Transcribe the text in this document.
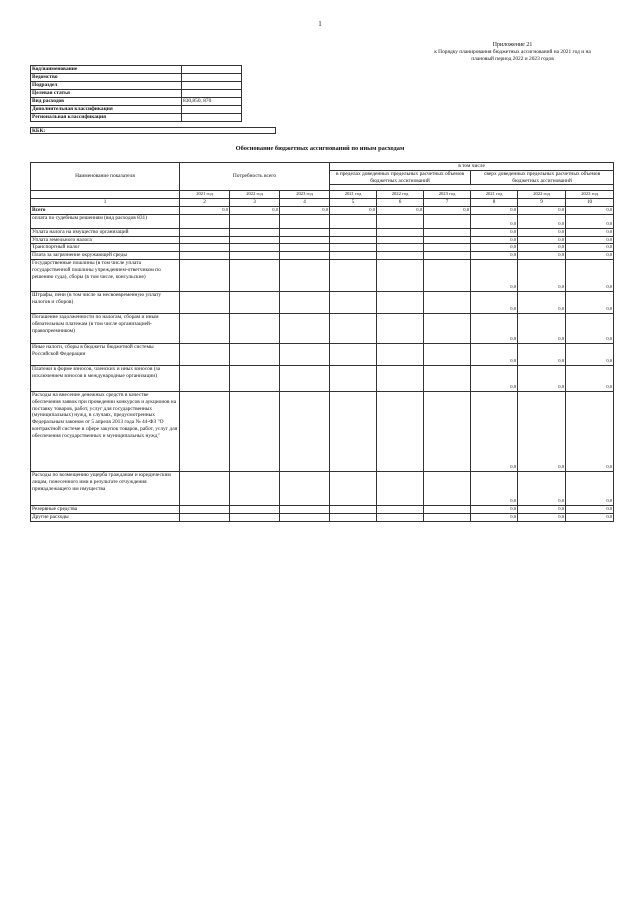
1
Приложение 21
к Порядку планирования бюджетных ассигнований на 2021 год и на
плановый период 2022 и 2023 годов
Код/наименование	
Ведомство	
Подраздел	
Целевая статья	
Вид расходов	830,850, 870
Дополнительная классификация	
Региональная классификация	
КБК:
Обоснование бюджетных ассигнований по иным расходам
Наименование показателя	Потребность всего			в том числе					
				в пределах доведенных предельных расчетных объемов бюджетных ассигнований			сверх доведенных предельных расчетных объемов бюджетных ассигнований		

	2021 год	2022 год	2023 год	2021 год	2022 год	2023 год	2021 год	2022 год	2023 год
1	2	3	4	5	6	7	8	9	10
Всего	0,0	0,0	0,0	0,0	0,0	0,0	0,0	0,0	0,0
оплата по судебным решениям (вид расходов 831)							0,0	0,0	0,0
Уплата налога на имущество организаций							0,0	0,0	0,0
Уплата земельного налога							0,0	0,0	0,0
Транспортный налог							0,0	0,0	0,0
Плата за загрязнение окружающей среды							0,0	0,0	0,0
Государственные пошлины (в том числе уплата государственной пошлины учреждением-ответчиком по решению суда), сборы (в том числе, консульские)							0,0	0,0	0,0
Штрафы, пени (в том числе за несвоевременную уплату налогов и сборов)							0,0	0,0	0,0
Погашение задолженности по налогам, сборам и иным обязательным платежам (в том числе организацией-правопреемником)							0,0	0,0	0,0
Иные налоги, сборы в бюджеты бюджетной системы Российской Федерации							0,0	0,0	0,0
Платежи в форме взносов, членских и иных взносов (за исключением взносов в международные организации)							0,0	0,0	0,0
Расходы на внесение денежных средств в качестве обеспечения заявок при проведении конкурсов и аукционов на поставку товаров, работ, услуг для государственных (муниципальных) нужд, в случаях, предусмотренных Федеральным законом от 5 апреля 2013 года № 44-ФЗ "О контрактной системе в сфере закупок товаров, работ, услуг для обеспечения государственных и муниципальных нужд"							0,0	0,0	0,0
Расходы по возмещению ущерба гражданам и юридическим лицам, понесенного ими в результате отчуждения принадлежащего им имущества							0,0	0,0	0,0
Резервные средства							0,0	0,0	0,0
Другие расходы							0,0	0,0	0,0
